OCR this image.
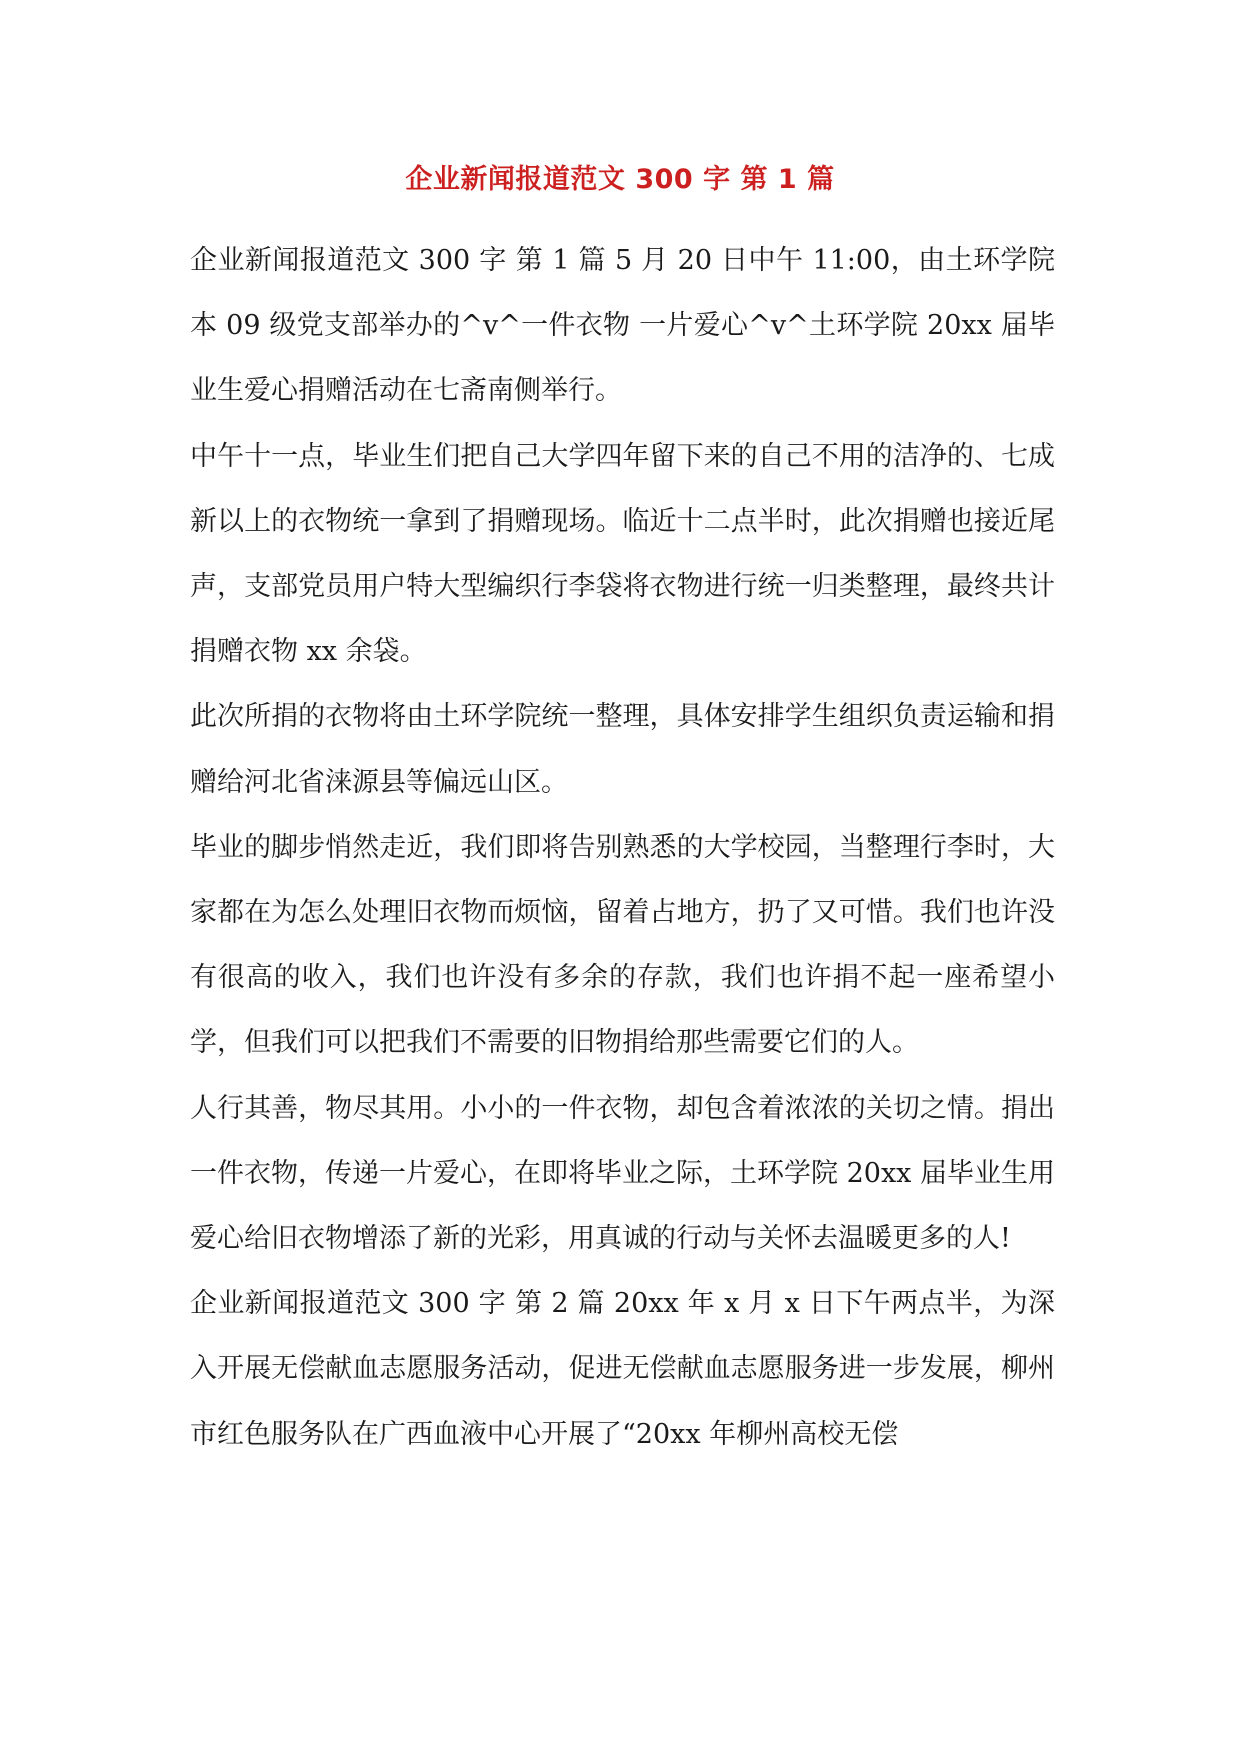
企业新闻报道范文 300 字 第 1 篇

企业新闻报道范文 300 字 第 1 篇 5 月 20 日中午 11:00，由土环学院本 09 级党支部举办的^v^一件衣物 一片爱心^v^土环学院 20xx 届毕业生爱心捐赠活动在七斋南侧举行。

中午十一点，毕业生们把自己大学四年留下来的自己不用的洁净的、七成新以上的衣物统一拿到了捐赠现场。临近十二点半时，此次捐赠也接近尾声，支部党员用户特大型编织行李袋将衣物进行统一归类整理，最终共计捐赠衣物 xx 余袋。

此次所捐的衣物将由土环学院统一整理，具体安排学生组织负责运输和捐赠给河北省涞源县等偏远山区。

毕业的脚步悄然走近，我们即将告别熟悉的大学校园，当整理行李时，大家都在为怎么处理旧衣物而烦恼，留着占地方，扔了又可惜。我们也许没有很高的收入，我们也许没有多余的存款，我们也许捐不起一座希望小学，但我们可以把我们不需要的旧物捐给那些需要它们的人。

人行其善，物尽其用。小小的一件衣物，却包含着浓浓的关切之情。捐出一件衣物，传递一片爱心，在即将毕业之际，土环学院 20xx 届毕业生用爱心给旧衣物增添了新的光彩，用真诚的行动与关怀去温暖更多的人!

企业新闻报道范文 300 字 第 2 篇 20xx 年 x 月 x 日下午两点半，为深入开展无偿献血志愿服务活动，促进无偿献血志愿服务进一步发展，柳州市红色服务队在广西血液中心开展了“20xx 年柳州高校无偿
